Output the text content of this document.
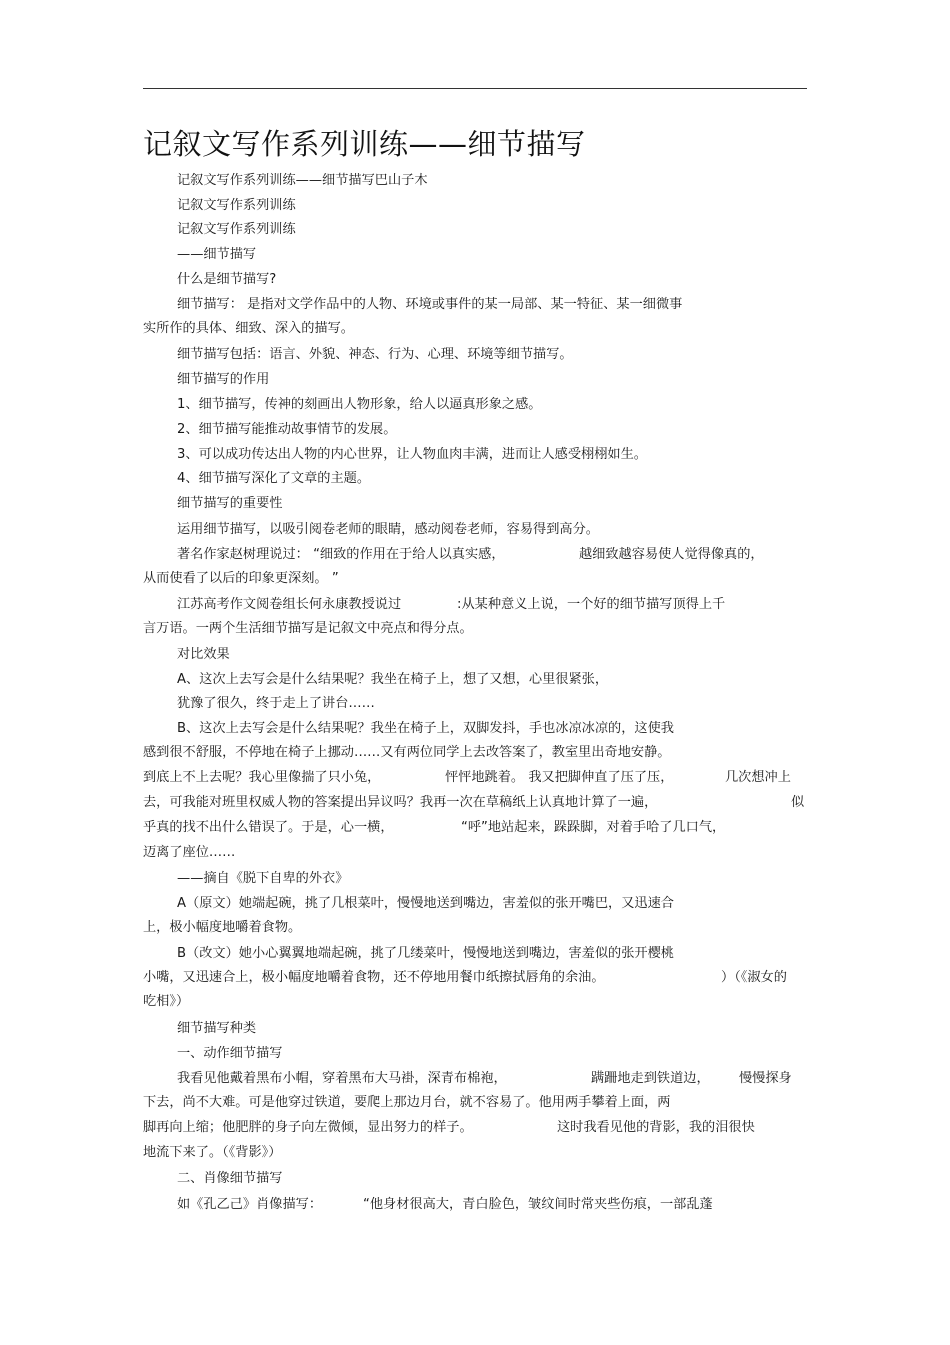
记叙文写作系列训练——细节描写
记叙文写作系列训练——细节描写巴山子木
记叙文写作系列训练
记叙文写作系列训练
——细节描写
什么是细节描写?
细节描写： 是指对文学作品中的人物、环境或事件的某一局部、某一特征、某一细微事
实所作的具体、细致、深入的描写。
细节描写包括：语言、外貌、神态、行为、心理、环境等细节描写。
细节描写的作用
1、细节描写，传神的刻画出人物形象，给人以逼真形象之感。
2、细节描写能推动故事情节的发展。
3、可以成功传达出人物的内心世界，让人物血肉丰满，进而让人感受栩栩如生。
4、细节描写深化了文章的主题。
细节描写的重要性
运用细节描写，以吸引阅卷老师的眼睛，感动阅卷老师，容易得到高分。
著名作家赵树理说过： “细致的作用在于给人以真实感，	越细致越容易使人觉得像真的，
从而使看了以后的印象更深刻。 ”
江苏高考作文阅卷组长何永康教授说过	:从某种意义上说，一个好的细节描写顶得上千
言万语。一两个生活细节描写是记叙文中亮点和得分点。
对比效果
A、这次上去写会是什么结果呢？我坐在椅子上，想了又想，心里很紧张，
犹豫了很久，终于走上了讲台……
B、这次上去写会是什么结果呢？我坐在椅子上，双脚发抖，手也冰凉冰凉的，这使我
感到很不舒服，不停地在椅子上挪动……又有两位同学上去改答案了，教室里出奇地安静。
到底上不上去呢？我心里像揣了只小兔，	怦怦地跳着。 我又把脚伸直了压了压，	几次想冲上
去，可我能对班里权威人物的答案提出异议吗？我再一次在草稿纸上认真地计算了一遍，	似
乎真的找不出什么错误了。于是，心一横，	“呼”地站起来，跺跺脚，对着手哈了几口气，
迈离了座位……
——摘自《脱下自卑的外衣》
A（原文）她端起碗，挑了几根菜叶，慢慢地送到嘴边，害羞似的张开嘴巴，又迅速合
上，极小幅度地嚼着食物。
B（改文）她小心翼翼地端起碗，挑了几缕菜叶，慢慢地送到嘴边，害羞似的张开樱桃
小嘴，又迅速合上，极小幅度地嚼着食物，还不停地用餐巾纸擦拭唇角的余油。	）（《淑女的
吃相》）
细节描写种类
一、动作细节描写
我看见他戴着黑布小帽，穿着黑布大马褂，深青布棉袍，	蹒跚地走到铁道边， 慢慢探身
下去，尚不大难。可是他穿过铁道，要爬上那边月台，就不容易了。他用两手攀着上面，两
脚再向上缩；他肥胖的身子向左微倾，显出努力的样子。	这时我看见他的背影，我的泪很快
地流下来了。（《背影》）
二、肖像细节描写
如《孔乙己》肖像描写：	“他身材很高大，青白脸色，皱纹间时常夹些伤痕，一部乱蓬
